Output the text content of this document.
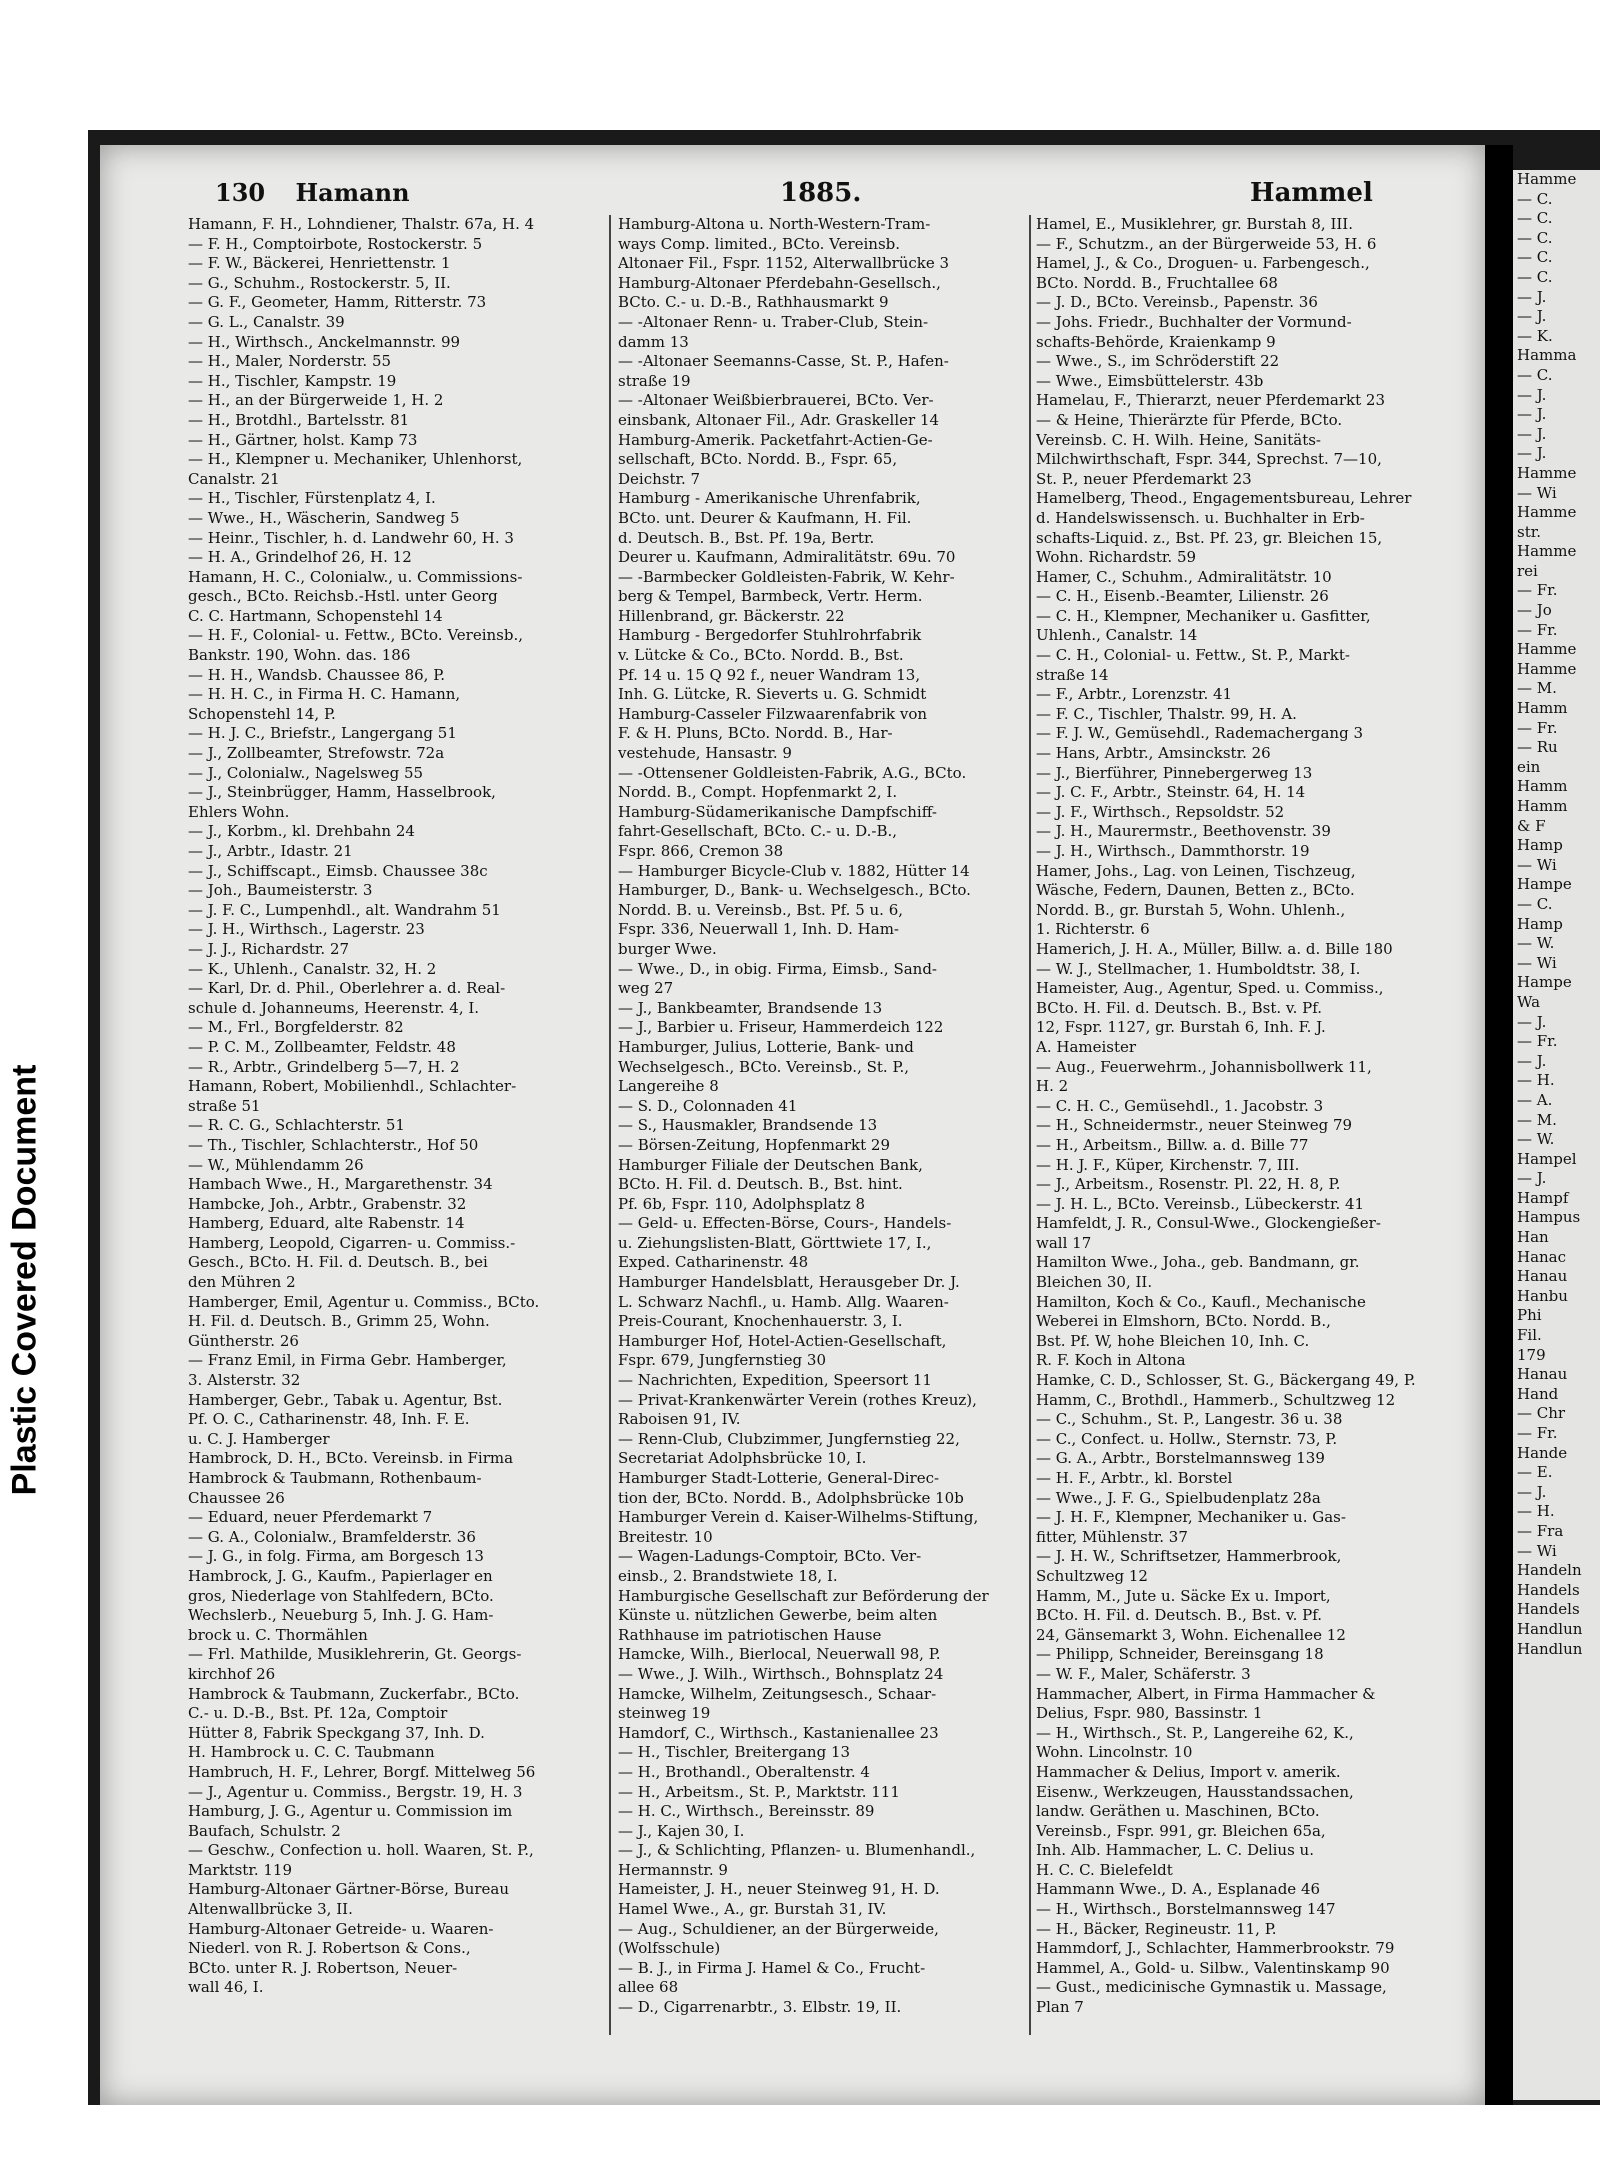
Plastic Covered Document
Hamme
— C.
— C.
— C.
— C.
— C.
— J.
— J.
— K.
Hamma
— C.
— J.
— J.
— J.
— J.
Hamme
— Wi
Hamme
str.
Hamme
rei
— Fr.
— Jo
— Fr.
Hamme
Hamme
— M.
Hamm
— Fr.
— Ru
ein
Hamm
Hamm
& F
Hamp
— Wi
Hampe
— C.
Hamp
— W.
— Wi
Hampe
Wa
— J.
— Fr.
— J.
— H.
— A.
— M.
— W.
Hampel
— J.
Hampf
Hampus
Han
Hanac
Hanau
Hanbu
Phi
Fil.
179
Hanau
Hand
— Chr
— Fr.
Hande
— E.
— J.
— H.
— Fra
— Wi
Handeln
Handels
Handels
Handlun
Handlun
130 Hamann	1885.	Hammel
Hamann, F. H., Lohndiener, Thalstr. 67a, H. 4
— F. H., Comptoirbote, Rostockerstr. 5
— F. W., Bäckerei, Henriettenstr. 1
— G., Schuhm., Rostockerstr. 5, II.
— G. F., Geometer, Hamm, Ritterstr. 73
— G. L., Canalstr. 39
— H., Wirthsch., Anckelmannstr. 99
— H., Maler, Norderstr. 55
— H., Tischler, Kampstr. 19
— H., an der Bürgerweide 1, H. 2
— H., Brotdhl., Bartelsstr. 81
— H., Gärtner, holst. Kamp 73
— H., Klempner u. Mechaniker, Uhlenhorst,
Canalstr. 21
— H., Tischler, Fürstenplatz 4, I.
— Wwe., H., Wäscherin, Sandweg 5
— Heinr., Tischler, h. d. Landwehr 60, H. 3
— H. A., Grindelhof 26, H. 12
Hamann, H. C., Colonialw., u. Commissions-
gesch., BCto. Reichsb.-Hstl. unter Georg
C. C. Hartmann, Schopenstehl 14
— H. F., Colonial- u. Fettw., BCto. Vereinsb.,
Bankstr. 190, Wohn. das. 186
— H. H., Wandsb. Chaussee 86, P.
— H. H. C., in Firma H. C. Hamann,
Schopenstehl 14, P.
— H. J. C., Briefstr., Langergang 51
— J., Zollbeamter, Strefowstr. 72a
— J., Colonialw., Nagelsweg 55
— J., Steinbrügger, Hamm, Hasselbrook,
Ehlers Wohn.
— J., Korbm., kl. Drehbahn 24
— J., Arbtr., Idastr. 21
— J., Schiffscapt., Eimsb. Chaussee 38c
— Joh., Baumeisterstr. 3
— J. F. C., Lumpenhdl., alt. Wandrahm 51
— J. H., Wirthsch., Lagerstr. 23
— J. J., Richardstr. 27
— K., Uhlenh., Canalstr. 32, H. 2
— Karl, Dr. d. Phil., Oberlehrer a. d. Real-
schule d. Johanneums, Heerenstr. 4, I.
— M., Frl., Borgfelderstr. 82
— P. C. M., Zollbeamter, Feldstr. 48
— R., Arbtr., Grindelberg 5—7, H. 2
Hamann, Robert, Mobilienhdl., Schlachter-
straße 51
— R. C. G., Schlachterstr. 51
— Th., Tischler, Schlachterstr., Hof 50
— W., Mühlendamm 26
Hambach Wwe., H., Margarethenstr. 34
Hambcke, Joh., Arbtr., Grabenstr. 32
Hamberg, Eduard, alte Rabenstr. 14
Hamberg, Leopold, Cigarren- u. Commiss.-
Gesch., BCto. H. Fil. d. Deutsch. B., bei
den Mühren 2
Hamberger, Emil, Agentur u. Commiss., BCto.
H. Fil. d. Deutsch. B., Grimm 25, Wohn.
Güntherstr. 26
— Franz Emil, in Firma Gebr. Hamberger,
3. Alsterstr. 32
Hamberger, Gebr., Tabak u. Agentur, Bst.
Pf. O. C., Catharinenstr. 48, Inh. F. E.
u. C. J. Hamberger
Hambrock, D. H., BCto. Vereinsb. in Firma
Hambrock & Taubmann, Rothenbaum-
Chaussee 26
— Eduard, neuer Pferdemarkt 7
— G. A., Colonialw., Bramfelderstr. 36
— J. G., in folg. Firma, am Borgesch 13
Hambrock, J. G., Kaufm., Papierlager en
gros, Niederlage von Stahlfedern, BCto.
Wechslerb., Neueburg 5, Inh. J. G. Ham-
brock u. C. Thormählen
— Frl. Mathilde, Musiklehrerin, Gt. Georgs-
kirchhof 26
Hambrock & Taubmann, Zuckerfabr., BCto.
C.- u. D.-B., Bst. Pf. 12a, Comptoir
Hütter 8, Fabrik Speckgang 37, Inh. D.
H. Hambrock u. C. C. Taubmann
Hambruch, H. F., Lehrer, Borgf. Mittelweg 56
— J., Agentur u. Commiss., Bergstr. 19, H. 3
Hamburg, J. G., Agentur u. Commission im
Baufach, Schulstr. 2
— Geschw., Confection u. holl. Waaren, St. P.,
Marktstr. 119
Hamburg-Altonaer Gärtner-Börse, Bureau
Altenwallbrücke 3, II.
Hamburg-Altonaer Getreide- u. Waaren-
Niederl. von R. J. Robertson & Cons.,
BCto. unter R. J. Robertson, Neuer-
wall 46, I.
Hamburg-Altona u. North-Western-Tram-
ways Comp. limited., BCto. Vereinsb.
Altonaer Fil., Fspr. 1152, Alterwallbrücke 3
Hamburg-Altonaer Pferdebahn-Gesellsch.,
BCto. C.- u. D.-B., Rathhausmarkt 9
— -Altonaer Renn- u. Traber-Club, Stein-
damm 13
— -Altonaer Seemanns-Casse, St. P., Hafen-
straße 19
— -Altonaer Weißbierbrauerei, BCto. Ver-
einsbank, Altonaer Fil., Adr. Graskeller 14
Hamburg-Amerik. Packetfahrt-Actien-Ge-
sellschaft, BCto. Nordd. B., Fspr. 65,
Deichstr. 7
Hamburg - Amerikanische Uhrenfabrik,
BCto. unt. Deurer & Kaufmann, H. Fil.
d. Deutsch. B., Bst. Pf. 19a, Bertr.
Deurer u. Kaufmann, Admiralitätstr. 69u. 70
— -Barmbecker Goldleisten-Fabrik, W. Kehr-
berg & Tempel, Barmbeck, Vertr. Herm.
Hillenbrand, gr. Bäckerstr. 22
Hamburg - Bergedorfer Stuhlrohrfabrik
v. Lütcke & Co., BCto. Nordd. B., Bst.
Pf. 14 u. 15 Q 92 f., neuer Wandram 13,
Inh. G. Lütcke, R. Sieverts u. G. Schmidt
Hamburg-Casseler Filzwaarenfabrik von
F. & H. Pluns, BCto. Nordd. B., Har-
vestehude, Hansastr. 9
— -Ottensener Goldleisten-Fabrik, A.G., BCto.
Nordd. B., Compt. Hopfenmarkt 2, I.
Hamburg-Südamerikanische Dampfschiff-
fahrt-Gesellschaft, BCto. C.- u. D.-B.,
Fspr. 866, Cremon 38
— Hamburger Bicycle-Club v. 1882, Hütter 14
Hamburger, D., Bank- u. Wechselgesch., BCto.
Nordd. B. u. Vereinsb., Bst. Pf. 5 u. 6,
Fspr. 336, Neuerwall 1, Inh. D. Ham-
burger Wwe.
— Wwe., D., in obig. Firma, Eimsb., Sand-
weg 27
— J., Bankbeamter, Brandsende 13
— J., Barbier u. Friseur, Hammerdeich 122
Hamburger, Julius, Lotterie, Bank- und
Wechselgesch., BCto. Vereinsb., St. P.,
Langereihe 8
— S. D., Colonnaden 41
— S., Hausmakler, Brandsende 13
— Börsen-Zeitung, Hopfenmarkt 29
Hamburger Filiale der Deutschen Bank,
BCto. H. Fil. d. Deutsch. B., Bst. hint.
Pf. 6b, Fspr. 110, Adolphsplatz 8
— Geld- u. Effecten-Börse, Cours-, Handels-
u. Ziehungslisten-Blatt, Görttwiete 17, I.,
Exped. Catharinenstr. 48
Hamburger Handelsblatt, Herausgeber Dr. J.
L. Schwarz Nachfl., u. Hamb. Allg. Waaren-
Preis-Courant, Knochenhauerstr. 3, I.
Hamburger Hof, Hotel-Actien-Gesellschaft,
Fspr. 679, Jungfernstieg 30
— Nachrichten, Expedition, Speersort 11
— Privat-Krankenwärter Verein (rothes Kreuz),
Raboisen 91, IV.
— Renn-Club, Clubzimmer, Jungfernstieg 22,
Secretariat Adolphsbrücke 10, I.
Hamburger Stadt-Lotterie, General-Direc-
tion der, BCto. Nordd. B., Adolphsbrücke 10b
Hamburger Verein d. Kaiser-Wilhelms-Stiftung,
Breitestr. 10
— Wagen-Ladungs-Comptoir, BCto. Ver-
einsb., 2. Brandstwiete 18, I.
Hamburgische Gesellschaft zur Beförderung der
Künste u. nützlichen Gewerbe, beim alten
Rathhause im patriotischen Hause
Hamcke, Wilh., Bierlocal, Neuerwall 98, P.
— Wwe., J. Wilh., Wirthsch., Bohnsplatz 24
Hamcke, Wilhelm, Zeitungsesch., Schaar-
steinweg 19
Hamdorf, C., Wirthsch., Kastanienallee 23
— H., Tischler, Breitergang 13
— H., Brothandl., Oberaltenstr. 4
— H., Arbeitsm., St. P., Marktstr. 111
— H. C., Wirthsch., Bereinsstr. 89
— J., Kajen 30, I.
— J., & Schlichting, Pflanzen- u. Blumenhandl.,
Hermannstr. 9
Hameister, J. H., neuer Steinweg 91, H. D.
Hamel Wwe., A., gr. Burstah 31, IV.
— Aug., Schuldiener, an der Bürgerweide,
(Wolfsschule)
— B. J., in Firma J. Hamel & Co., Frucht-
allee 68
— D., Cigarrenarbtr., 3. Elbstr. 19, II.
Hamel, E., Musiklehrer, gr. Burstah 8, III.
— F., Schutzm., an der Bürgerweide 53, H. 6
Hamel, J., & Co., Droguen- u. Farbengesch.,
BCto. Nordd. B., Fruchtallee 68
— J. D., BCto. Vereinsb., Papenstr. 36
— Johs. Friedr., Buchhalter der Vormund-
schafts-Behörde, Kraienkamp 9
— Wwe., S., im Schröderstift 22
— Wwe., Eimsbüttelerstr. 43b
Hamelau, F., Thierarzt, neuer Pferdemarkt 23
— & Heine, Thierärzte für Pferde, BCto.
Vereinsb. C. H. Wilh. Heine, Sanitäts-
Milchwirthschaft, Fspr. 344, Sprechst. 7—10,
St. P., neuer Pferdemarkt 23
Hamelberg, Theod., Engagementsbureau, Lehrer
d. Handelswissensch. u. Buchhalter in Erb-
schafts-Liquid. z., Bst. Pf. 23, gr. Bleichen 15,
Wohn. Richardstr. 59
Hamer, C., Schuhm., Admiralitätstr. 10
— C. H., Eisenb.-Beamter, Lilienstr. 26
— C. H., Klempner, Mechaniker u. Gasfitter,
Uhlenh., Canalstr. 14
— C. H., Colonial- u. Fettw., St. P., Markt-
straße 14
— F., Arbtr., Lorenzstr. 41
— F. C., Tischler, Thalstr. 99, H. A.
— F. J. W., Gemüsehdl., Rademachergang 3
— Hans, Arbtr., Amsinckstr. 26
— J., Bierführer, Pinnebergerweg 13
— J. C. F., Arbtr., Steinstr. 64, H. 14
— J. F., Wirthsch., Repsoldstr. 52
— J. H., Maurermstr., Beethovenstr. 39
— J. H., Wirthsch., Dammthorstr. 19
Hamer, Johs., Lag. von Leinen, Tischzeug,
Wäsche, Federn, Daunen, Betten z., BCto.
Nordd. B., gr. Burstah 5, Wohn. Uhlenh.,
1. Richterstr. 6
Hamerich, J. H. A., Müller, Billw. a. d. Bille 180
— W. J., Stellmacher, 1. Humboldtstr. 38, I.
Hameister, Aug., Agentur, Sped. u. Commiss.,
BCto. H. Fil. d. Deutsch. B., Bst. v. Pf.
12, Fspr. 1127, gr. Burstah 6, Inh. F. J.
A. Hameister
— Aug., Feuerwehrm., Johannisbollwerk 11,
H. 2
— C. H. C., Gemüsehdl., 1. Jacobstr. 3
— H., Schneidermstr., neuer Steinweg 79
— H., Arbeitsm., Billw. a. d. Bille 77
— H. J. F., Küper, Kirchenstr. 7, III.
— J., Arbeitsm., Rosenstr. Pl. 22, H. 8, P.
— J. H. L., BCto. Vereinsb., Lübeckerstr. 41
Hamfeldt, J. R., Consul-Wwe., Glockengießer-
wall 17
Hamilton Wwe., Joha., geb. Bandmann, gr.
Bleichen 30, II.
Hamilton, Koch & Co., Kaufl., Mechanische
Weberei in Elmshorn, BCto. Nordd. B.,
Bst. Pf. W, hohe Bleichen 10, Inh. C.
R. F. Koch in Altona
Hamke, C. D., Schlosser, St. G., Bäckergang 49, P.
Hamm, C., Brothdl., Hammerb., Schultzweg 12
— C., Schuhm., St. P., Langestr. 36 u. 38
— C., Confect. u. Hollw., Sternstr. 73, P.
— G. A., Arbtr., Borstelmannsweg 139
— H. F., Arbtr., kl. Borstel
— Wwe., J. F. G., Spielbudenplatz 28a
— J. H. F., Klempner, Mechaniker u. Gas-
fitter, Mühlenstr. 37
— J. H. W., Schriftsetzer, Hammerbrook,
Schultzweg 12
Hamm, M., Jute u. Säcke Ex u. Import,
BCto. H. Fil. d. Deutsch. B., Bst. v. Pf.
24, Gänsemarkt 3, Wohn. Eichenallee 12
— Philipp, Schneider, Bereinsgang 18
— W. F., Maler, Schäferstr. 3
Hammacher, Albert, in Firma Hammacher &
Delius, Fspr. 980, Bassinstr. 1
— H., Wirthsch., St. P., Langereihe 62, K.,
Wohn. Lincolnstr. 10
Hammacher & Delius, Import v. amerik.
Eisenw., Werkzeugen, Hausstandssachen,
landw. Geräthen u. Maschinen, BCto.
Vereinsb., Fspr. 991, gr. Bleichen 65a,
Inh. Alb. Hammacher, L. C. Delius u.
H. C. C. Bielefeldt
Hammann Wwe., D. A., Esplanade 46
— H., Wirthsch., Borstelmannsweg 147
— H., Bäcker, Regineustr. 11, P.
Hammdorf, J., Schlachter, Hammerbrookstr. 79
Hammel, A., Gold- u. Silbw., Valentinskamp 90
— Gust., medicinische Gymnastik u. Massage,
Plan 7
